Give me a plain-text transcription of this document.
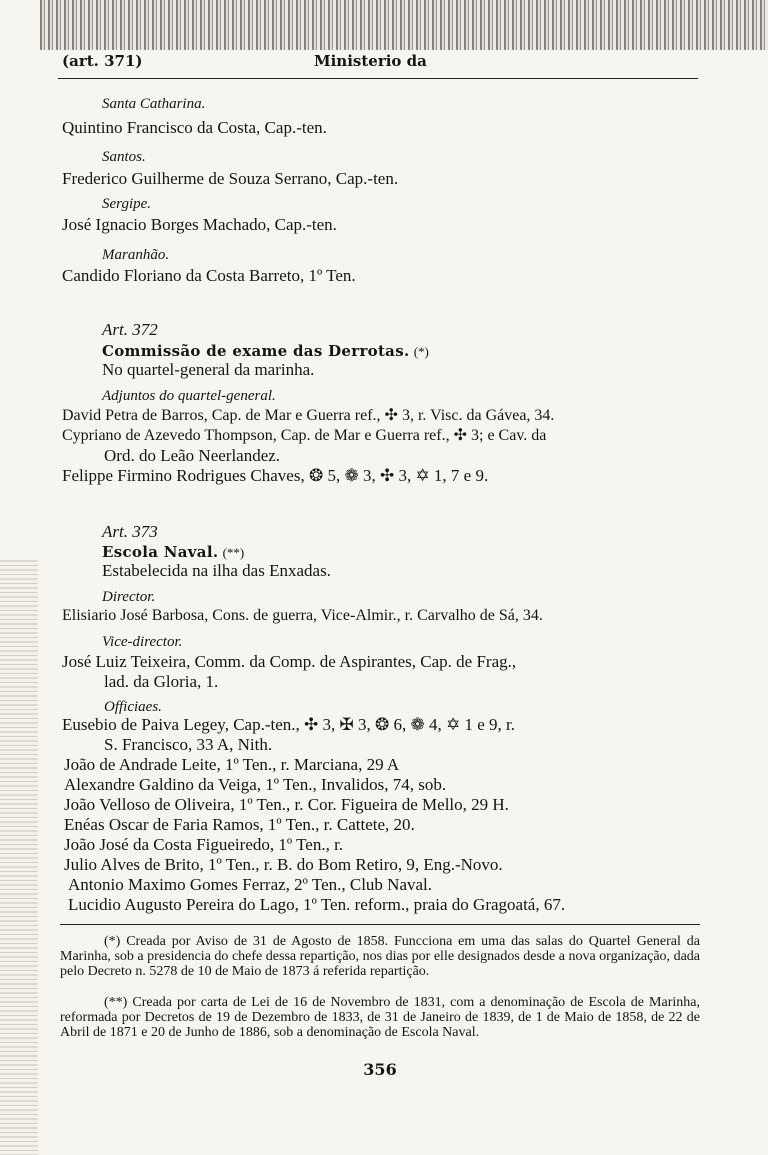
(art. 371)	Ministerio da
Santa Catharina.
Quintino Francisco da Costa, Cap.-ten.
Santos.
Frederico Guilherme de Souza Serrano, Cap.-ten.
Sergipe.
José Ignacio Borges Machado, Cap.-ten.
Maranhão.
Candido Floriano da Costa Barreto, 1º Ten.
Art. 372
Commissão de exame das Derrotas. (*)
No quartel-general da marinha.
Adjuntos do quartel-general.
David Petra de Barros, Cap. de Mar e Guerra ref., ✣ 3, r. Visc. da Gávea, 34.
Cypriano de Azevedo Thompson, Cap. de Mar e Guerra ref., ✣ 3; e Cav. da
Ord. do Leão Neerlandez.
Felippe Firmino Rodrigues Chaves, ❂ 5, ❁ 3, ✣ 3, ✡ 1, 7 e 9.
Art. 373
Escola Naval. (**)
Estabelecida na ilha das Enxadas.
Director.
Elisiario José Barbosa, Cons. de guerra, Vice-Almir., r. Carvalho de Sá, 34.
Vice-director.
José Luiz Teixeira, Comm. da Comp. de Aspirantes, Cap. de Frag.,
lad. da Gloria, 1.
Officiaes.
Eusebio de Paiva Legey, Cap.-ten., ✣ 3, ✠ 3, ❂ 6, ❁ 4, ✡ 1 e 9, r.
S. Francisco, 33 A, Nith.
João de Andrade Leite, 1º Ten., r. Marciana, 29 A
Alexandre Galdino da Veiga, 1º Ten., Invalidos, 74, sob.
João Velloso de Oliveira, 1º Ten., r. Cor. Figueira de Mello, 29 H.
Enéas Oscar de Faria Ramos, 1º Ten., r. Cattete, 20.
João José da Costa Figueiredo, 1º Ten., r.
Julio Alves de Brito, 1º Ten., r. B. do Bom Retiro, 9, Eng.-Novo.
Antonio Maximo Gomes Ferraz, 2º Ten., Club Naval.
Lucidio Augusto Pereira do Lago, 1º Ten. reform., praia do Gragoatá, 67.
(*) Creada por Aviso de 31 de Agosto de 1858. Funcciona em uma das salas do Quartel General da Marinha, sob a presidencia do chefe dessa repartição, nos dias por elle designados desde a nova organização, dada pelo Decreto n. 5278 de 10 de Maio de 1873 á referida repartição.
(**) Creada por carta de Lei de 16 de Novembro de 1831, com a denominação de Escola de Marinha, reformada por Decretos de 19 de Dezembro de 1833, de 31 de Janeiro de 1839, de 1 de Maio de 1858, de 22 de Abril de 1871 e 20 de Junho de 1886, sob a denominação de Escola Naval.
356
